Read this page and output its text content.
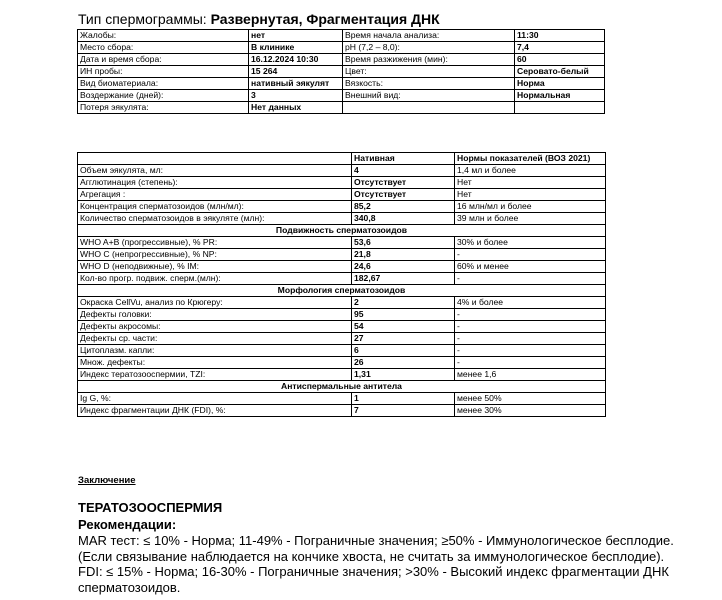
Тип спермограммы: Развернутая, Фрагментация ДНК
Жалобы:	нет	Время начала анализа:	11:30
Место сбора:	В клинике	pH (7,2 – 8,0):	7,4
Дата и время сбора:	16.12.2024 10:30	Время разжижения (мин):	60
ИН пробы:	15 264	Цвет:	Серовато-белый
Вид биоматериала:	нативный эякулят	Вязкость:	Норма
Воздержание (дней):	3	Внешний вид:	Нормальная
Потеря эякулята:	Нет данных		
	Нативная	Нормы показателей (ВОЗ 2021)
Объем эякулята, мл:	4	1,4 мл и более
Агглютинация (степень):	Отсутствует	Нет
Агрегация :	Отсутствует	Нет
Концентрация сперматозоидов (млн/мл):	85,2	16 млн/мл и более
Количество сперматозоидов в эякуляте (млн):	340,8	39 млн и более
Подвижность сперматозоидов		
WHO A+B (прогрессивные), % PR:	53,6	30% и более
WHO C (непрогрессивные), % NP:	21,8	-
WHO D (неподвижные), % IM:	24,6	60% и менее
Кол-во прогр. подвиж. сперм.(млн):	182,67	-
Морфология сперматозоидов		
Окраска CellVu, анализ по Крюгеру:	2	4% и более
Дефекты головки:	95	-
Дефекты акросомы:	54	-
Дефекты ср. части:	27	-
Цитоплазм. капли:	6	-
Множ. дефекты:	26	-
Индекс тератозооспермии, TZI:	1,31	менее 1,6
Антиспермальные антитела		
Ig G, %:	1	менее 50%
Индекс фрагментации ДНК (FDI), %:	7	менее 30%
Заключение
ТЕРАТОЗООСПЕРМИЯ
Рекомендации:

MAR тест: ≤ 10% - Норма; 11-49% - Пограничные значения; ≥50% - Иммунологическое бесплодие. (Если связывание наблюдается на кончике хвоста, не считать за иммунологическое бесплодие).

FDI: ≤ 15% - Норма; 16-30% - Пограничные значения; >30% - Высокий индекс фрагментации ДНК сперматозоидов.
